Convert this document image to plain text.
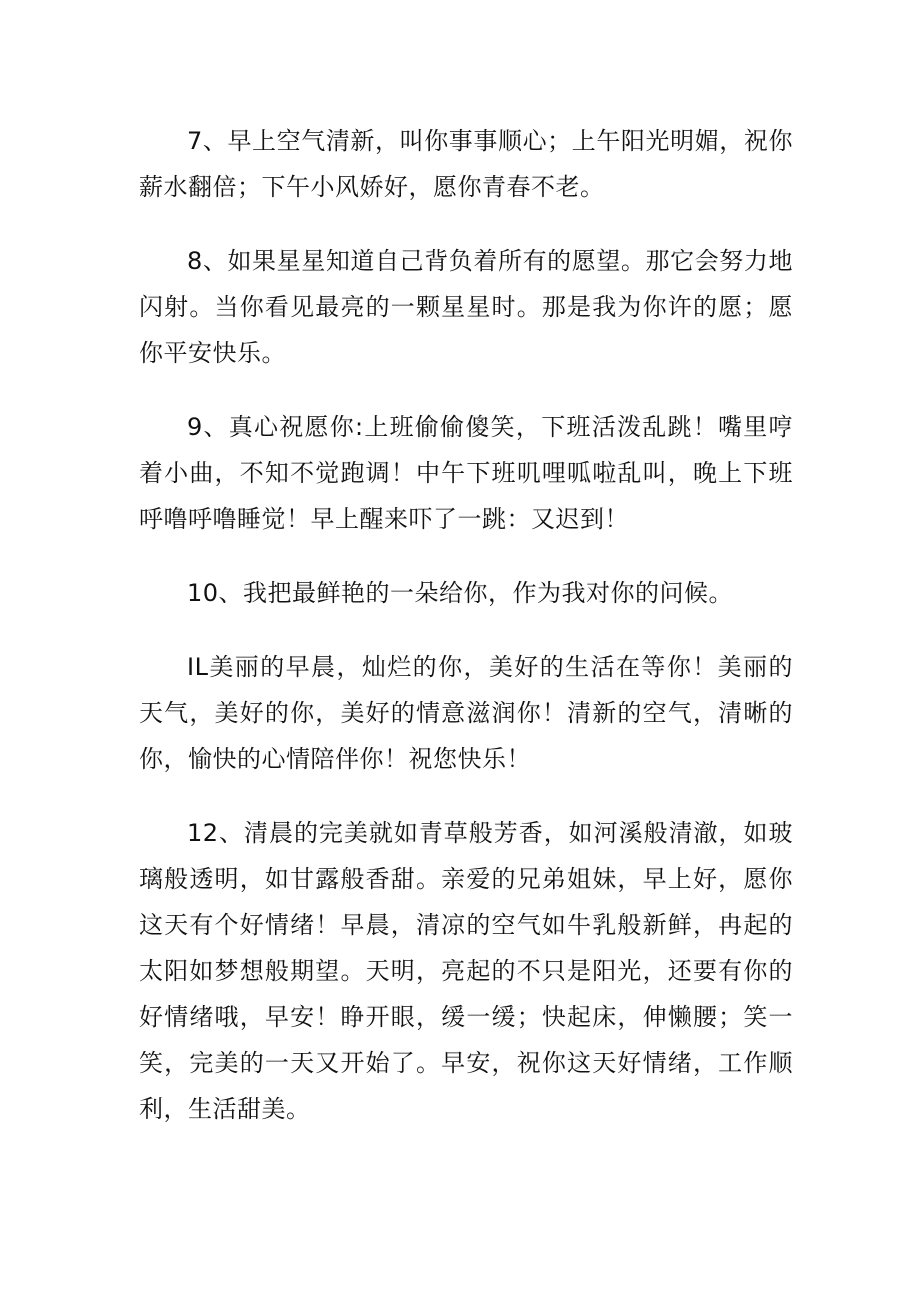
7、早上空气清新，叫你事事顺心；上午阳光明媚，祝你薪水翻倍；下午小风娇好，愿你青春不老。

8、如果星星知道自己背负着所有的愿望。那它会努力地闪射。当你看见最亮的一颗星星时。那是我为你许的愿；愿你平安快乐。

9、真心祝愿你:上班偷偷傻笑，下班活泼乱跳！嘴里哼着小曲，不知不觉跑调！中午下班叽哩呱啦乱叫，晚上下班呼噜呼噜睡觉！早上醒来吓了一跳：又迟到！

10、我把最鲜艳的一朵给你，作为我对你的问候。

IL美丽的早晨，灿烂的你，美好的生活在等你！美丽的天气，美好的你，美好的情意滋润你！清新的空气，清晰的你，愉快的心情陪伴你！祝您快乐！

12、清晨的完美就如青草般芳香，如河溪般清澈，如玻璃般透明，如甘露般香甜。亲爱的兄弟姐妹，早上好，愿你这天有个好情绪！早晨，清凉的空气如牛乳般新鲜，冉起的太阳如梦想般期望。天明，亮起的不只是阳光，还要有你的好情绪哦，早安！睁开眼，缓一缓；快起床，伸懒腰；笑一笑，完美的一天又开始了。早安，祝你这天好情绪，工作顺利，生活甜美。
